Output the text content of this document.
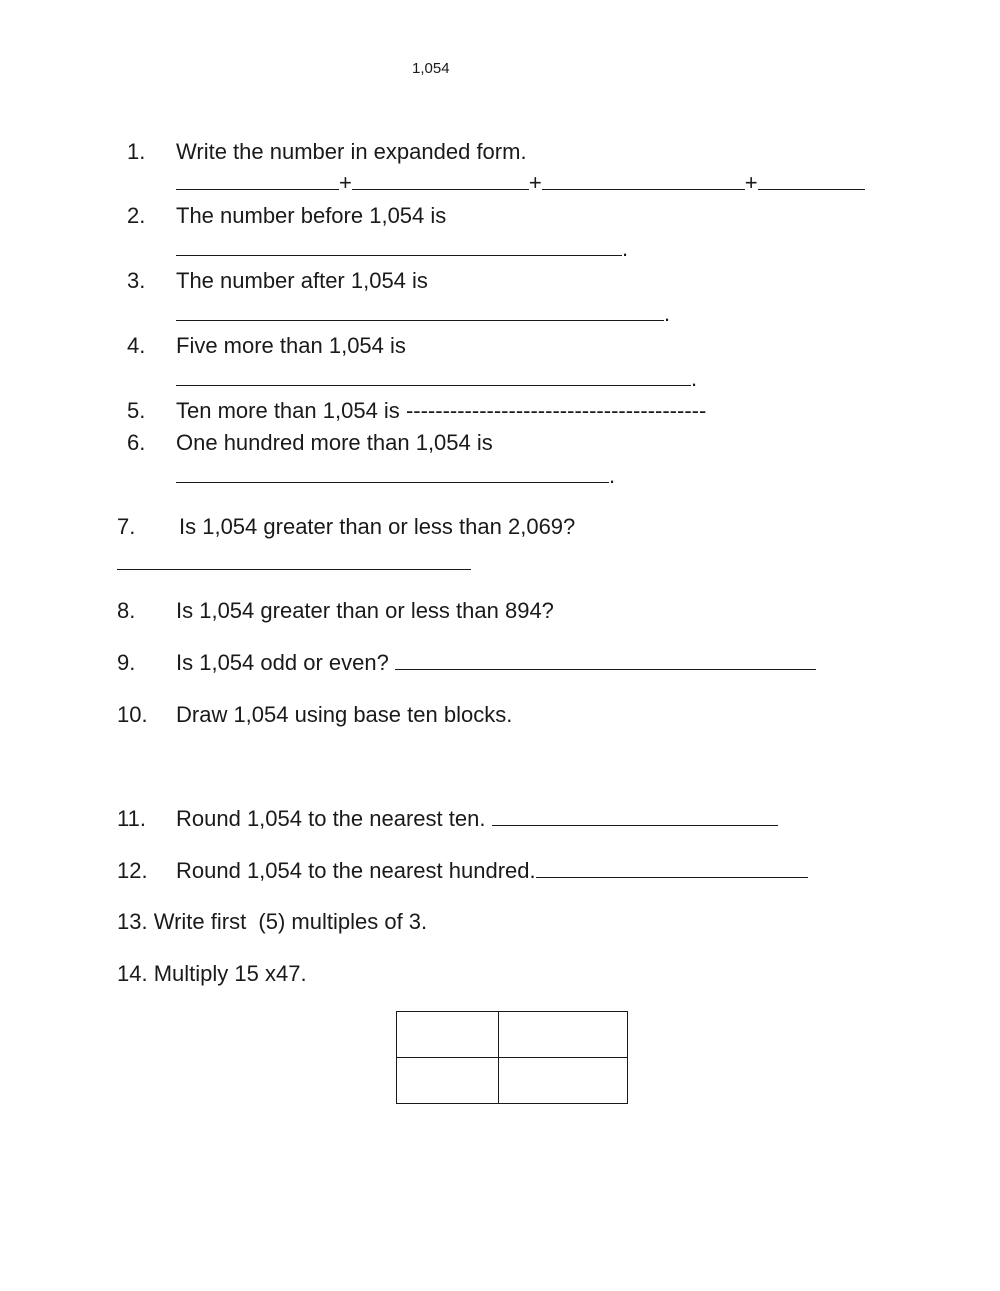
1,054
1. Write the number in expanded form.
+	+	+
2. The number before 1,054 is
.
3. The number after 1,054 is
.
4. Five more than 1,054 is
.
5. Ten more than 1,054 is -----------------------------------------
6. One hundred more than 1,054 is
.
7. Is 1,054 greater than or less than 2,069?
8. Is 1,054 greater than or less than 894?
9. Is 1,054 odd or even?
10. Draw 1,054 using base ten blocks.
11. Round 1,054 to the nearest ten.
12. Round 1,054 to the nearest hundred.
13. Write first  (5) multiples of 3.
14. Multiply 15 x47.
